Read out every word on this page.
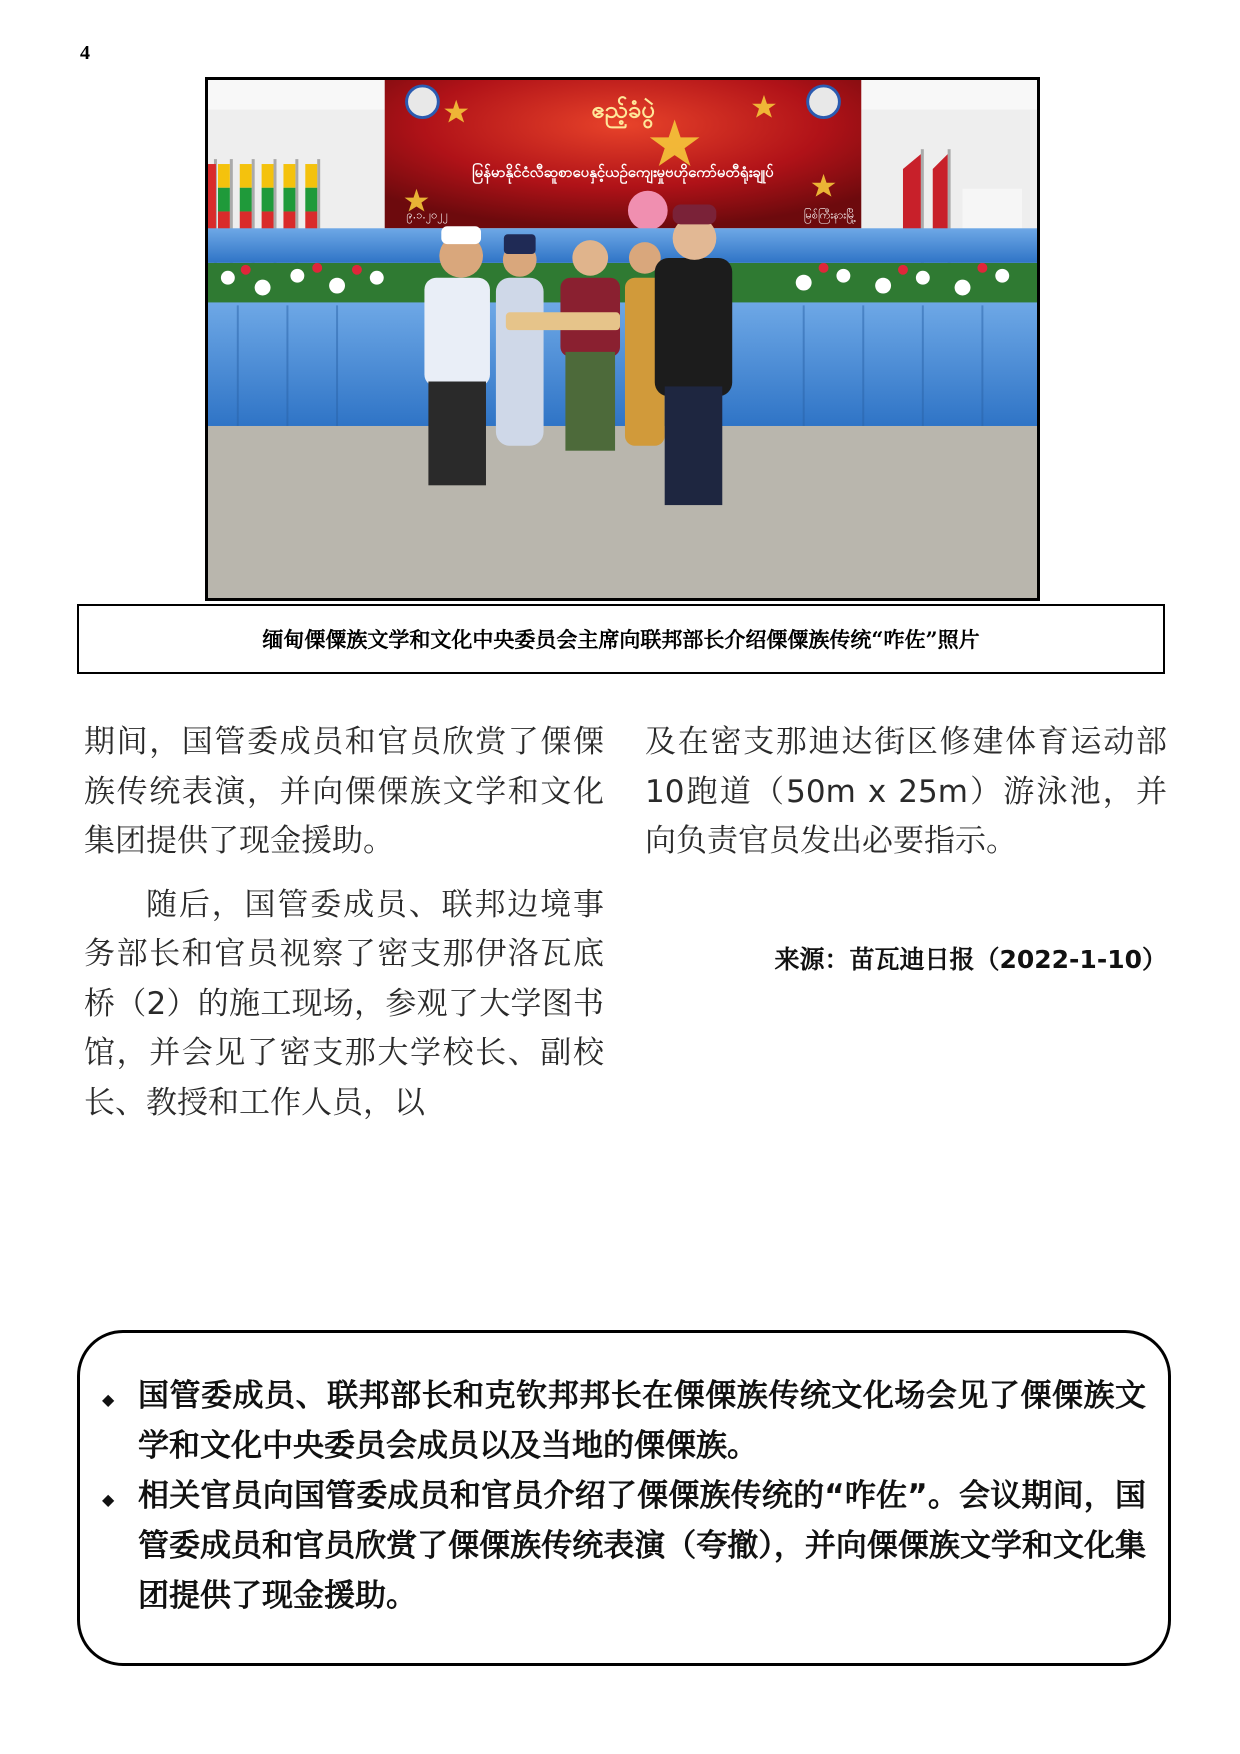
4
ဧည့်ခံပွဲ
မြန်မာနိုင်ငံလီဆူစာပေနှင့်ယဉ်ကျေးမှုဗဟိုကော်မတီရုံးချုပ်
၉.၁.၂၀၂၂	မြစ်ကြီးနားမြို့
缅甸傈僳族文学和文化中央委员会主席向联邦部长介绍傈僳族传统“咋佐”照片

期间，国管委成员和官员欣赏了傈傈族传统表演，并向傈傈族文学和文化集团提供了现金援助。

随后，国管委成员、联邦边境事务部长和官员视察了密支那伊洛瓦底桥（2）的施工现场，参观了大学图书馆，并会见了密支那大学校长、副校长、教授和工作人员，以

及在密支那迪达街区修建体育运动部10跑道（50m x 25m）游泳池，并向负责官员发出必要指示。

来源：苗瓦迪日报（2022-1-10）
◆ 国管委成员、联邦部长和克钦邦邦长在傈傈族传统文化场会见了傈傈族文学和文化中央委员会成员以及当地的傈傈族。
◆ 相关官员向国管委成员和官员介绍了傈傈族传统的“咋佐”。会议期间，国管委成员和官员欣赏了傈傈族传统表演（夸撤），并向傈傈族文学和文化集团提供了现金援助。
